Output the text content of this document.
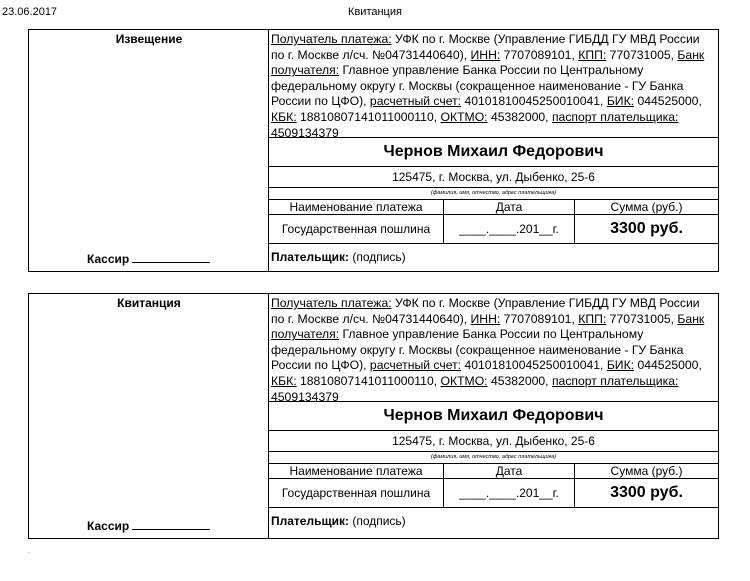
23.06.2017	Квитанция
Извещение
Кассир
Получатель платежа: УФК по г. Москве (Управление ГИБДД ГУ МВД России по г. Москве л/сч. №04731440640), ИНН: 7707089101, КПП: 770731005, Банк получателя: Главное управление Банка России по Центральному федеральному округу г. Москвы (сокращенное наименование - ГУ Банка России по ЦФО), расчетный счет: 40101810045250010041, БИК: 044525000, КБК: 18810807141011000110, ОКТМО: 45382000, паспорт плательщика: 4509134379
Чернов Михаил Федорович
125475, г. Москва, ул. Дыбенко, 25-6
(фамилия, имя, отчество, адрес плательщика)
Наименование платежа	Дата	Сумма (руб.)
Государственная пошлина	____.____.201__г.	3300 руб.
Плательщик: (подпись)
Квитанция
Кассир
Получатель платежа: УФК по г. Москве (Управление ГИБДД ГУ МВД России по г. Москве л/сч. №04731440640), ИНН: 7707089101, КПП: 770731005, Банк получателя: Главное управление Банка России по Центральному федеральному округу г. Москвы (сокращенное наименование - ГУ Банка России по ЦФО), расчетный счет: 40101810045250010041, БИК: 044525000, КБК: 18810807141011000110, ОКТМО: 45382000, паспорт плательщика: 4509134379
Чернов Михаил Федорович
125475, г. Москва, ул. Дыбенко, 25-6
(фамилия, имя, отчество, адрес плательщика)
Наименование платежа	Дата	Сумма (руб.)
Государственная пошлина	____.____.201__г.	3300 руб.
Плательщик: (подпись)
.
